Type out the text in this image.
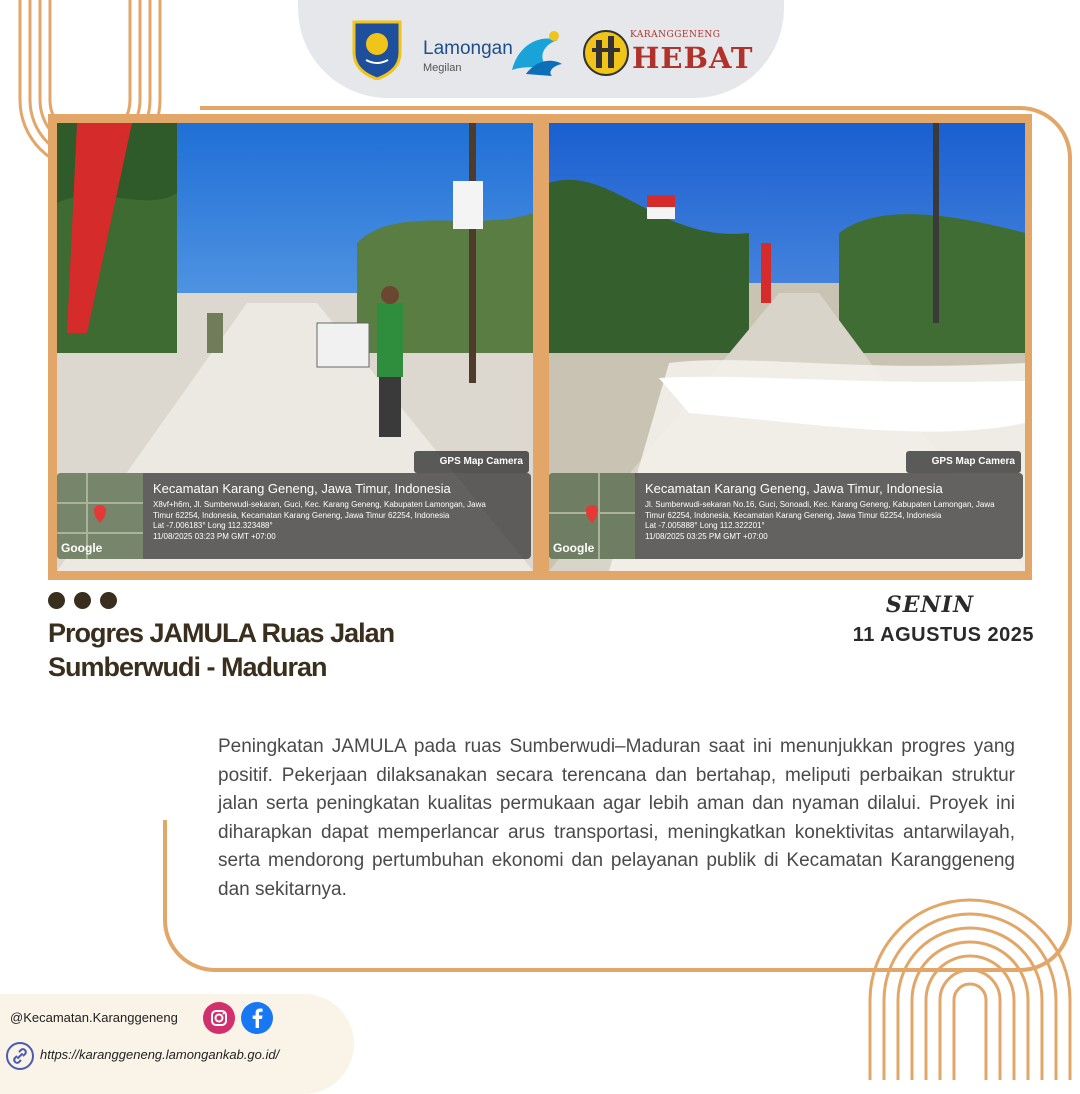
Lamongan
Megilan
KARANGGENENG
HEBAT
GPS Map Camera
Google
Kecamatan Karang Geneng, Jawa Timur, Indonesia
X8vf+h6m, Jl. Sumberwudi-sekaran, Guci, Kec. Karang Geneng, Kabupaten Lamongan, Jawa Timur 62254, Indonesia, Kecamatan Karang Geneng, Jawa Timur 62254, Indonesia
Lat -7.006183° Long 112.323488°
11/08/2025 03:23 PM GMT +07:00
GPS Map Camera
Google
Kecamatan Karang Geneng, Jawa Timur, Indonesia
Jl. Sumberwudi-sekaran No.16, Guci, Sonoadi, Kec. Karang Geneng, Kabupaten Lamongan, Jawa Timur 62254, Indonesia, Kecamatan Karang Geneng, Jawa Timur 62254, Indonesia
Lat -7.005888° Long 112.322201°
11/08/2025 03:25 PM GMT +07:00
Progres JAMULA Ruas Jalan Sumberwudi - Maduran
SENIN
11 AGUSTUS 2025
Peningkatan JAMULA pada ruas Sumberwudi–Maduran saat ini menunjukkan progres yang positif. Pekerjaan dilaksanakan secara terencana dan bertahap, meliputi perbaikan struktur jalan serta peningkatan kualitas permukaan agar lebih aman dan nyaman dilalui. Proyek ini diharapkan dapat memperlancar arus transportasi, meningkatkan konektivitas antarwilayah, serta mendorong pertumbuhan ekonomi dan pelayanan publik di Kecamatan Karanggeneng dan sekitarnya.
@Kecamatan.Karanggeneng
https://karanggeneng.lamongankab.go.id/
